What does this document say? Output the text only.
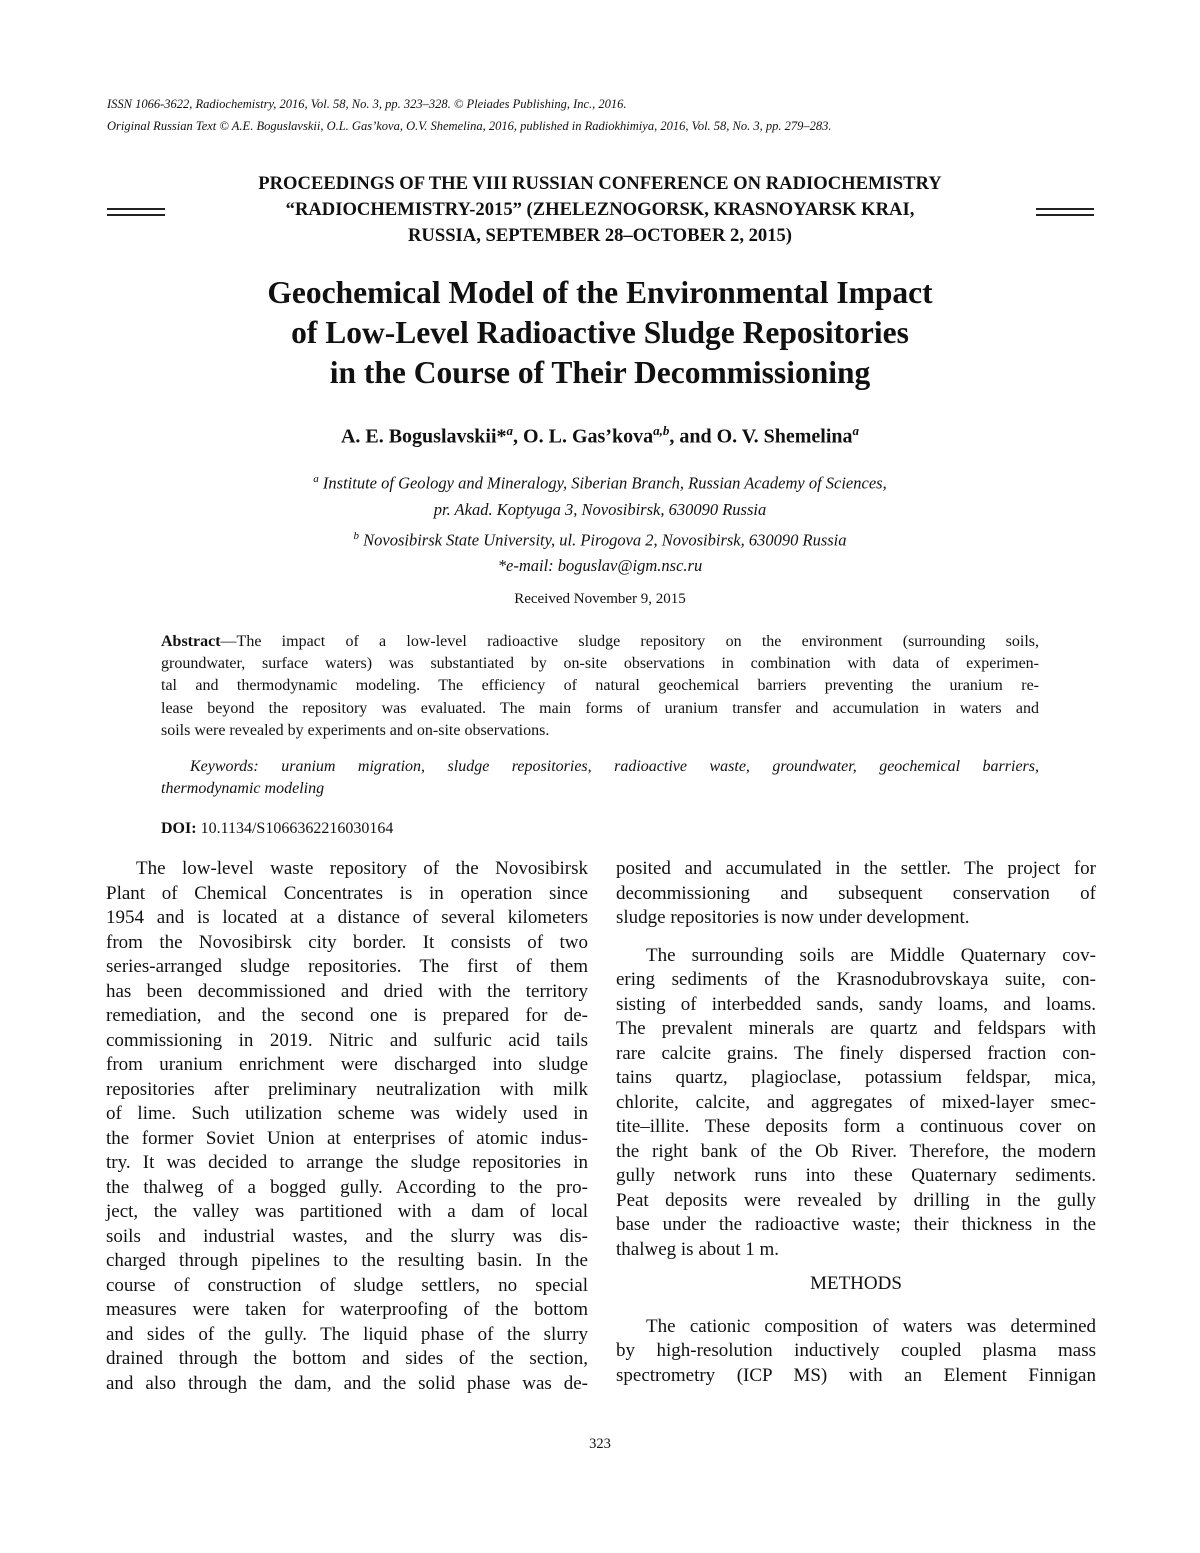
ISSN 1066-3622, Radiochemistry, 2016, Vol. 58, No. 3, pp. 323–328. © Pleiades Publishing, Inc., 2016.
Original Russian Text © A.E. Boguslavskii, O.L. Gas’kova, O.V. Shemelina, 2016, published in Radiokhimiya, 2016, Vol. 58, No. 3, pp. 279–283.
PROCEEDINGS OF THE VIII RUSSIAN CONFERENCE ON RADIOCHEMISTRY
“RADIOCHEMISTRY-2015” (ZHELEZNOGORSK, KRASNOYARSK KRAI,
RUSSIA, SEPTEMBER 28–OCTOBER 2, 2015)
Geochemical Model of the Environmental Impact
of Low-Level Radioactive Sludge Repositories
in the Course of Their Decommissioning
A. E. Boguslavskii*$^a$, O. L. Gas’kova$^{a,b}$, and O. V. Shemelina$^a$
$^a$ Institute of Geology and Mineralogy, Siberian Branch, Russian Academy of Sciences,
pr. Akad. Koptyuga 3, Novosibirsk, 630090 Russia
$^b$ Novosibirsk State University, ul. Pirogova 2, Novosibirsk, 630090 Russia
*e-mail: boguslav@igm.nsc.ru
Received November 9, 2015
Abstract—The impact of a low-level radioactive sludge repository on the environment (surrounding soils,
groundwater, surface waters) was substantiated by on-site observations in combination with data of experimen-
tal and thermodynamic modeling. The efficiency of natural geochemical barriers preventing the uranium re-
lease beyond the repository was evaluated. The main forms of uranium transfer and accumulation in waters and
soils were revealed by experiments and on-site observations.
Keywords: uranium migration, sludge repositories, radioactive waste, groundwater, geochemical barriers,
thermodynamic modeling
DOI: 10.1134/S1066362216030164
The low-level waste repository of the Novosibirsk
Plant of Chemical Concentrates is in operation since
1954 and is located at a distance of several kilometers
from the Novosibirsk city border. It consists of two
series-arranged sludge repositories. The first of them
has been decommissioned and dried with the territory
remediation, and the second one is prepared for de-
commissioning in 2019. Nitric and sulfuric acid tails
from uranium enrichment were discharged into sludge
repositories after preliminary neutralization with milk
of lime. Such utilization scheme was widely used in
the former Soviet Union at enterprises of atomic indus-
try. It was decided to arrange the sludge repositories in
the thalweg of a bogged gully. According to the pro-
ject, the valley was partitioned with a dam of local
soils and industrial wastes, and the slurry was dis-
charged through pipelines to the resulting basin. In the
course of construction of sludge settlers, no special
measures were taken for waterproofing of the bottom
and sides of the gully. The liquid phase of the slurry
drained through the bottom and sides of the section,
and also through the dam, and the solid phase was de-
posited and accumulated in the settler. The project for
decommissioning and subsequent conservation of
sludge repositories is now under development.
The surrounding soils are Middle Quaternary cov-
ering sediments of the Krasnodubrovskaya suite, con-
sisting of interbedded sands, sandy loams, and loams.
The prevalent minerals are quartz and feldspars with
rare calcite grains. The finely dispersed fraction con-
tains quartz, plagioclase, potassium feldspar, mica,
chlorite, calcite, and aggregates of mixed-layer smec-
tite–illite. These deposits form a continuous cover on
the right bank of the Ob River. Therefore, the modern
gully network runs into these Quaternary sediments.
Peat deposits were revealed by drilling in the gully
base under the radioactive waste; their thickness in the
thalweg is about 1 m.
METHODS
The cationic composition of waters was determined
by high-resolution inductively coupled plasma mass
spectrometry (ICP MS) with an Element Finnigan
323
